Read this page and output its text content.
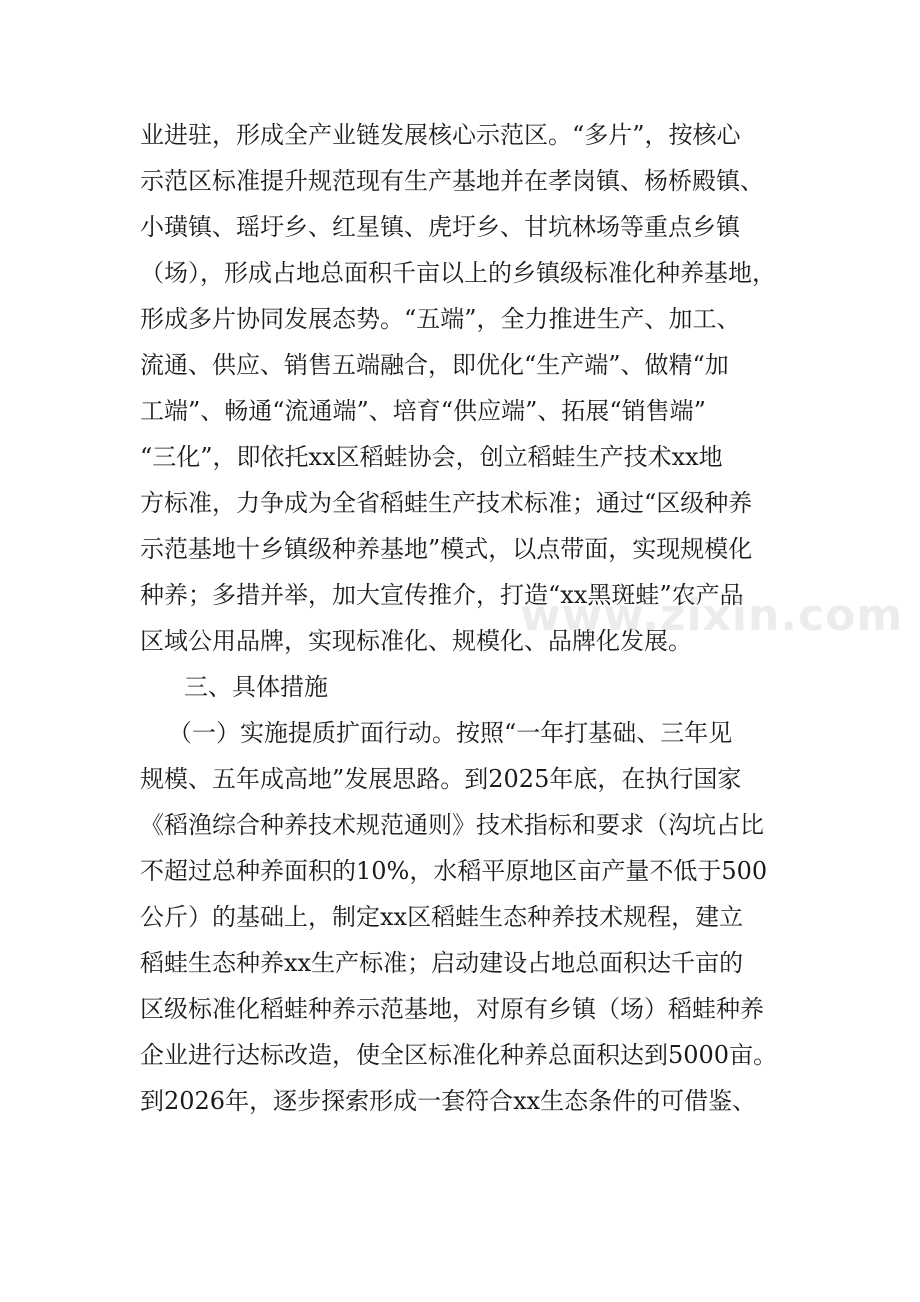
业进驻，形成全产业链发展核心示范区。“多片”，按核心
示范区标准提升规范现有生产基地并在孝岗镇、杨桥殿镇、
小璜镇、瑶圩乡、红星镇、虎圩乡、甘坑林场等重点乡镇
（场），形成占地总面积千亩以上的乡镇级标准化种养基地，
形成多片协同发展态势。“五端”，全力推进生产、加工、
流通、供应、销售五端融合，即优化“生产端”、做精“加
工端”、畅通“流通端”、培育“供应端”、拓展“销售端”
“三化”，即依托xx区稻蛙协会，创立稻蛙生产技术xx地
方标准，力争成为全省稻蛙生产技术标准；通过“区级种养
示范基地十乡镇级种养基地”模式，以点带面，实现规模化
种养；多措并举，加大宣传推介，打造“xx黑斑蛙”农产品
区域公用品牌，实现标准化、规模化、品牌化发展。
三、具体措施
（一）实施提质扩面行动。按照“一年打基础、三年见
规模、五年成高地”发展思路。到2025年底，在执行国家
《稻渔综合种养技术规范通则》技术指标和要求（沟坑占比
不超过总种养面积的10%，水稻平原地区亩产量不低于500
公斤）的基础上，制定xx区稻蛙生态种养技术规程，建立
稻蛙生态种养xx生产标准；启动建设占地总面积达千亩的
区级标准化稻蛙种养示范基地，对原有乡镇（场）稻蛙种养
企业进行达标改造，使全区标准化种养总面积达到5000亩。
到2026年，逐步探索形成一套符合xx生态条件的可借鉴、
www.zixin.com
